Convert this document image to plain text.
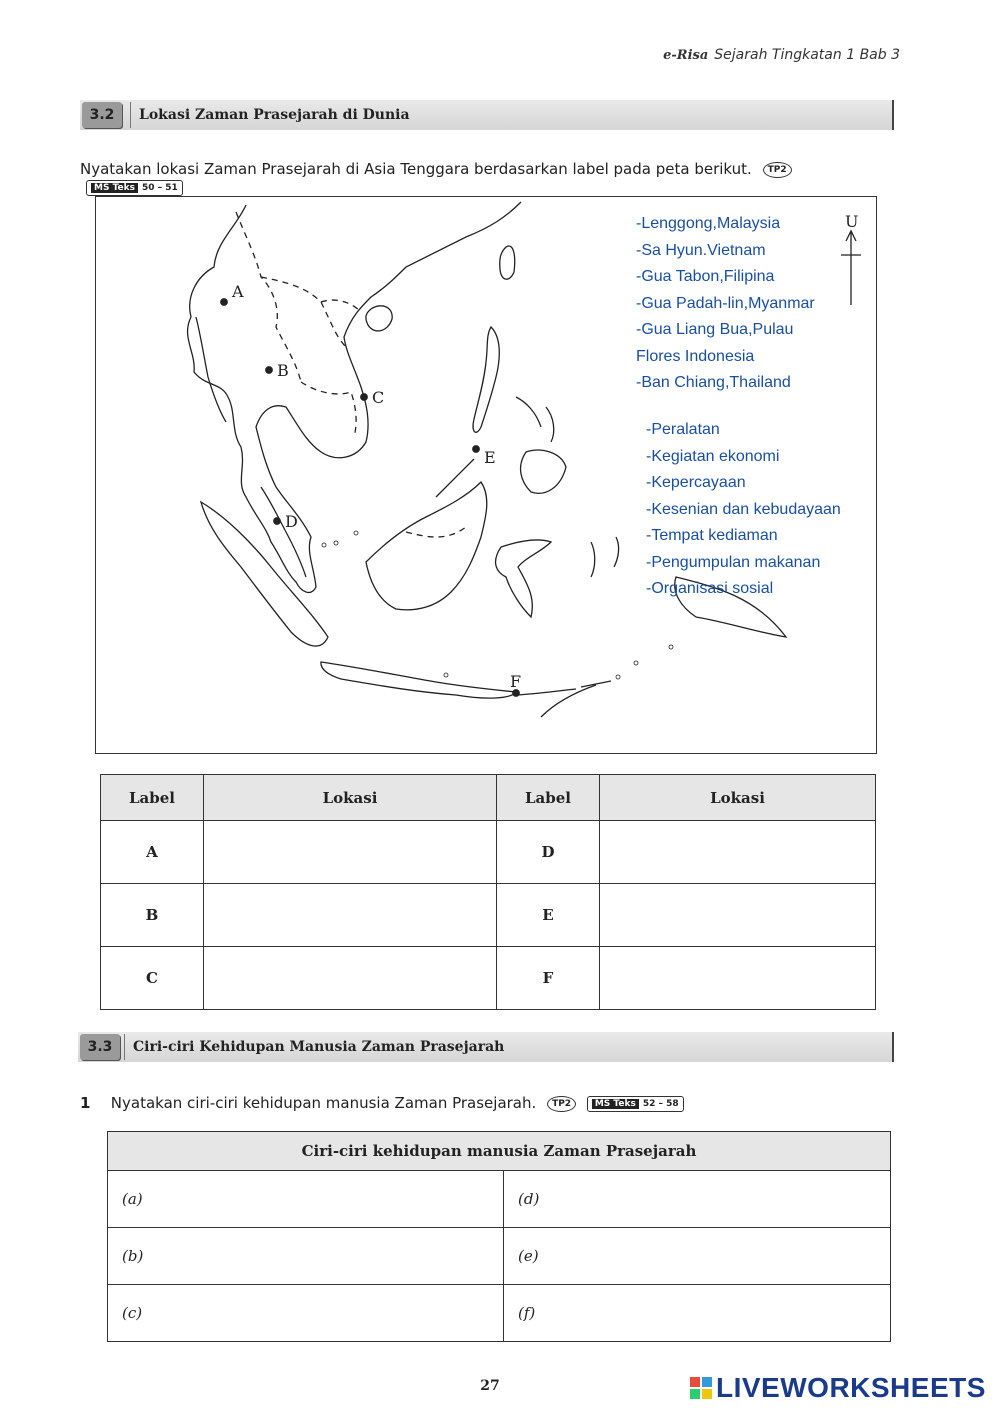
e-Risa Sejarah Tingkatan 1
Bab 3
3.2	Lokasi Zaman Prasejarah di Dunia
Nyatakan lokasi Zaman Prasejarah di Asia Tenggara berdasarkan label pada peta berikut. TP2 MS Teks 50 – 51
A
B
C
D
E
F
U
-Lenggong,Malaysia
-Sa Hyun.Vietnam
-Gua Tabon,Filipina
-Gua Padah-lin,Myanmar
-Gua Liang Bua,Pulau
Flores Indonesia
-Ban Chiang,Thailand
-Peralatan
-Kegiatan ekonomi
-Kepercayaan
-Kesenian dan kebudayaan
-Tempat kediaman
-Pengumpulan makanan
-Organisasi sosial
Label	Lokasi	Label	Lokasi
A		D	
B		E	
C		F	
3.3	Ciri-ciri Kehidupan Manusia Zaman Prasejarah
1 Nyatakan ciri-ciri kehidupan manusia Zaman Prasejarah. TP2	MS Teks 52 – 58
Ciri-ciri kehidupan manusia Zaman Prasejarah	
(a)	(d)
(b)	(e)
(c)	(f)
27	LIVEWORKSHEETS
